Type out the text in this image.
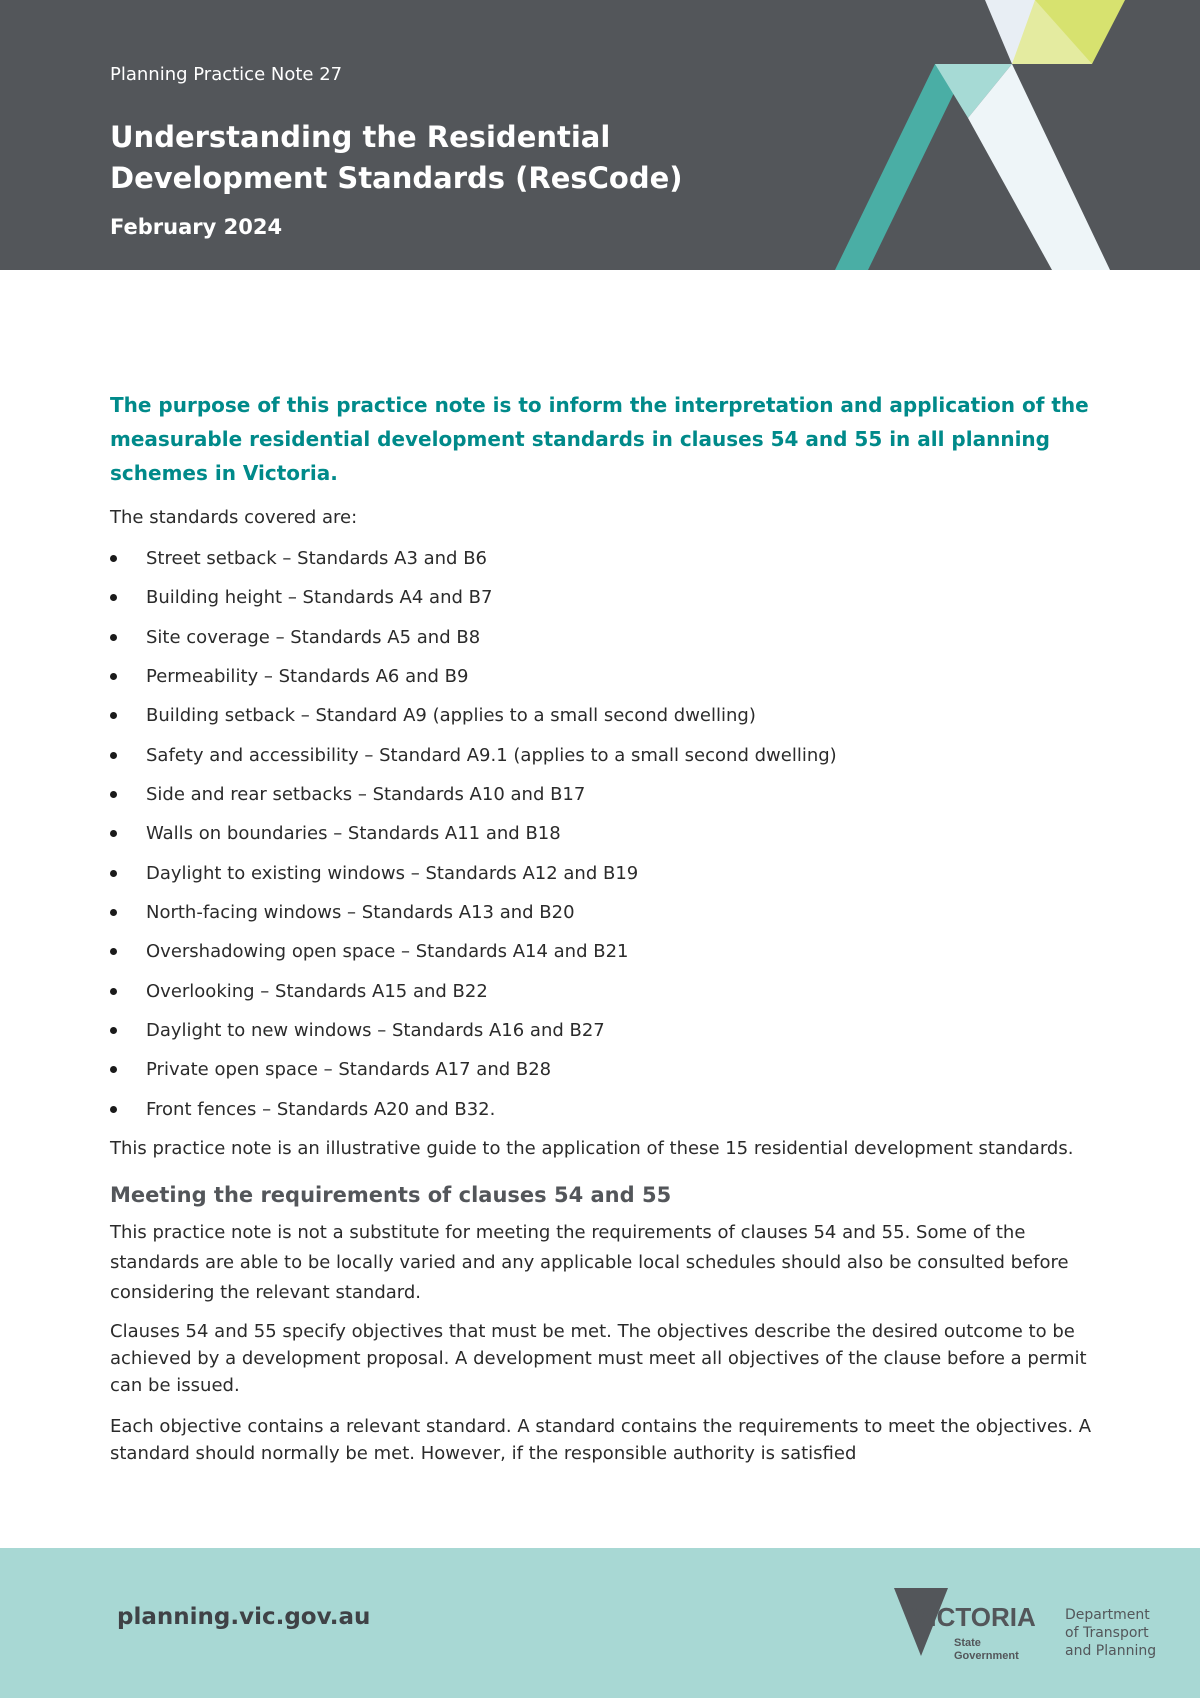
Planning Practice Note 27
Understanding the Residential Development Standards (ResCode)
February 2024

The purpose of this practice note is to inform the interpretation and application of the measurable residential development standards in clauses 54 and 55 in all planning schemes in Victoria.

The standards covered are:

Street setback – Standards A3 and B6
Building height – Standards A4 and B7
Site coverage – Standards A5 and B8
Permeability – Standards A6 and B9
Building setback – Standard A9 (applies to a small second dwelling)
Safety and accessibility – Standard A9.1 (applies to a small second dwelling)
Side and rear setbacks – Standards A10 and B17
Walls on boundaries – Standards A11 and B18
Daylight to existing windows – Standards A12 and B19
North-facing windows – Standards A13 and B20
Overshadowing open space – Standards A14 and B21
Overlooking – Standards A15 and B22
Daylight to new windows – Standards A16 and B27
Private open space – Standards A17 and B28
Front fences – Standards A20 and B32.

This practice note is an illustrative guide to the application of these 15 residential development standards.

Meeting the requirements of clauses 54 and 55

This practice note is not a substitute for meeting the requirements of clauses 54 and 55. Some of the standards are able to be locally varied and any applicable local schedules should also be consulted before considering the relevant standard.

Clauses 54 and 55 specify objectives that must be met. The objectives describe the desired outcome to be achieved by a development proposal. A development must meet all objectives of the clause before a permit can be issued.

Each objective contains a relevant standard. A standard contains the requirements to meet the objectives. A standard should normally be met. However, if the responsible authority is satisfied

planning.vic.gov.au	VICTORIA
State
Government
Department
of Transport
and Planning
